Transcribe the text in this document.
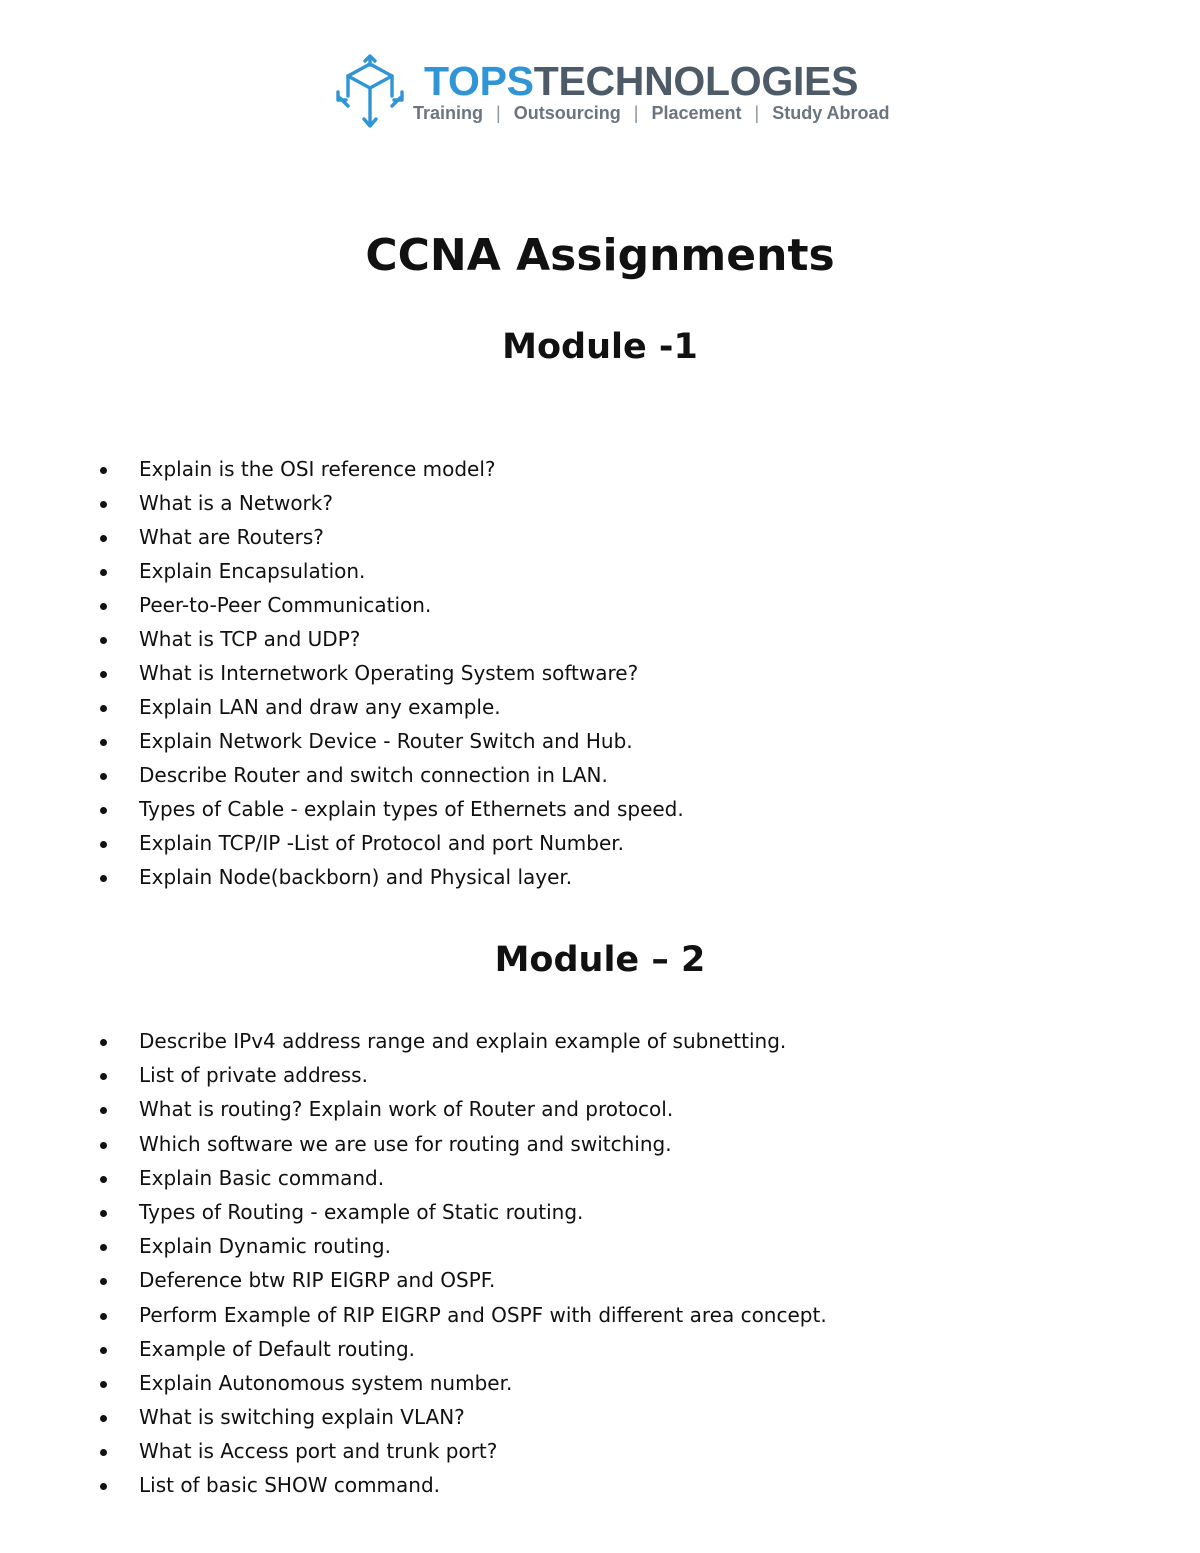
TOPSTECHNOLOGIES
Training | Outsourcing | Placement | Study Abroad
CCNA Assignments
Module -1
Explain is the OSI reference model?
What is a Network?
What are Routers?
Explain Encapsulation.
Peer-to-Peer Communication.
What is TCP and UDP?
What is Internetwork Operating System software?
Explain LAN and draw any example.
Explain Network Device - Router Switch and Hub.
Describe Router and switch connection in LAN.
Types of Cable - explain types of Ethernets and speed.
Explain TCP/IP -List of Protocol and port Number.
Explain Node(backborn) and Physical layer.
Module – 2
Describe IPv4 address range and explain example of subnetting.
List of private address.
What is routing? Explain work of Router and protocol.
Which software we are use for routing and switching.
Explain Basic command.
Types of Routing - example of Static routing.
Explain Dynamic routing.
Deference btw RIP EIGRP and OSPF.
Perform Example of RIP EIGRP and OSPF with different area concept.
Example of Default routing.
Explain Autonomous system number.
What is switching explain VLAN?
What is Access port and trunk port?
List of basic SHOW command.
